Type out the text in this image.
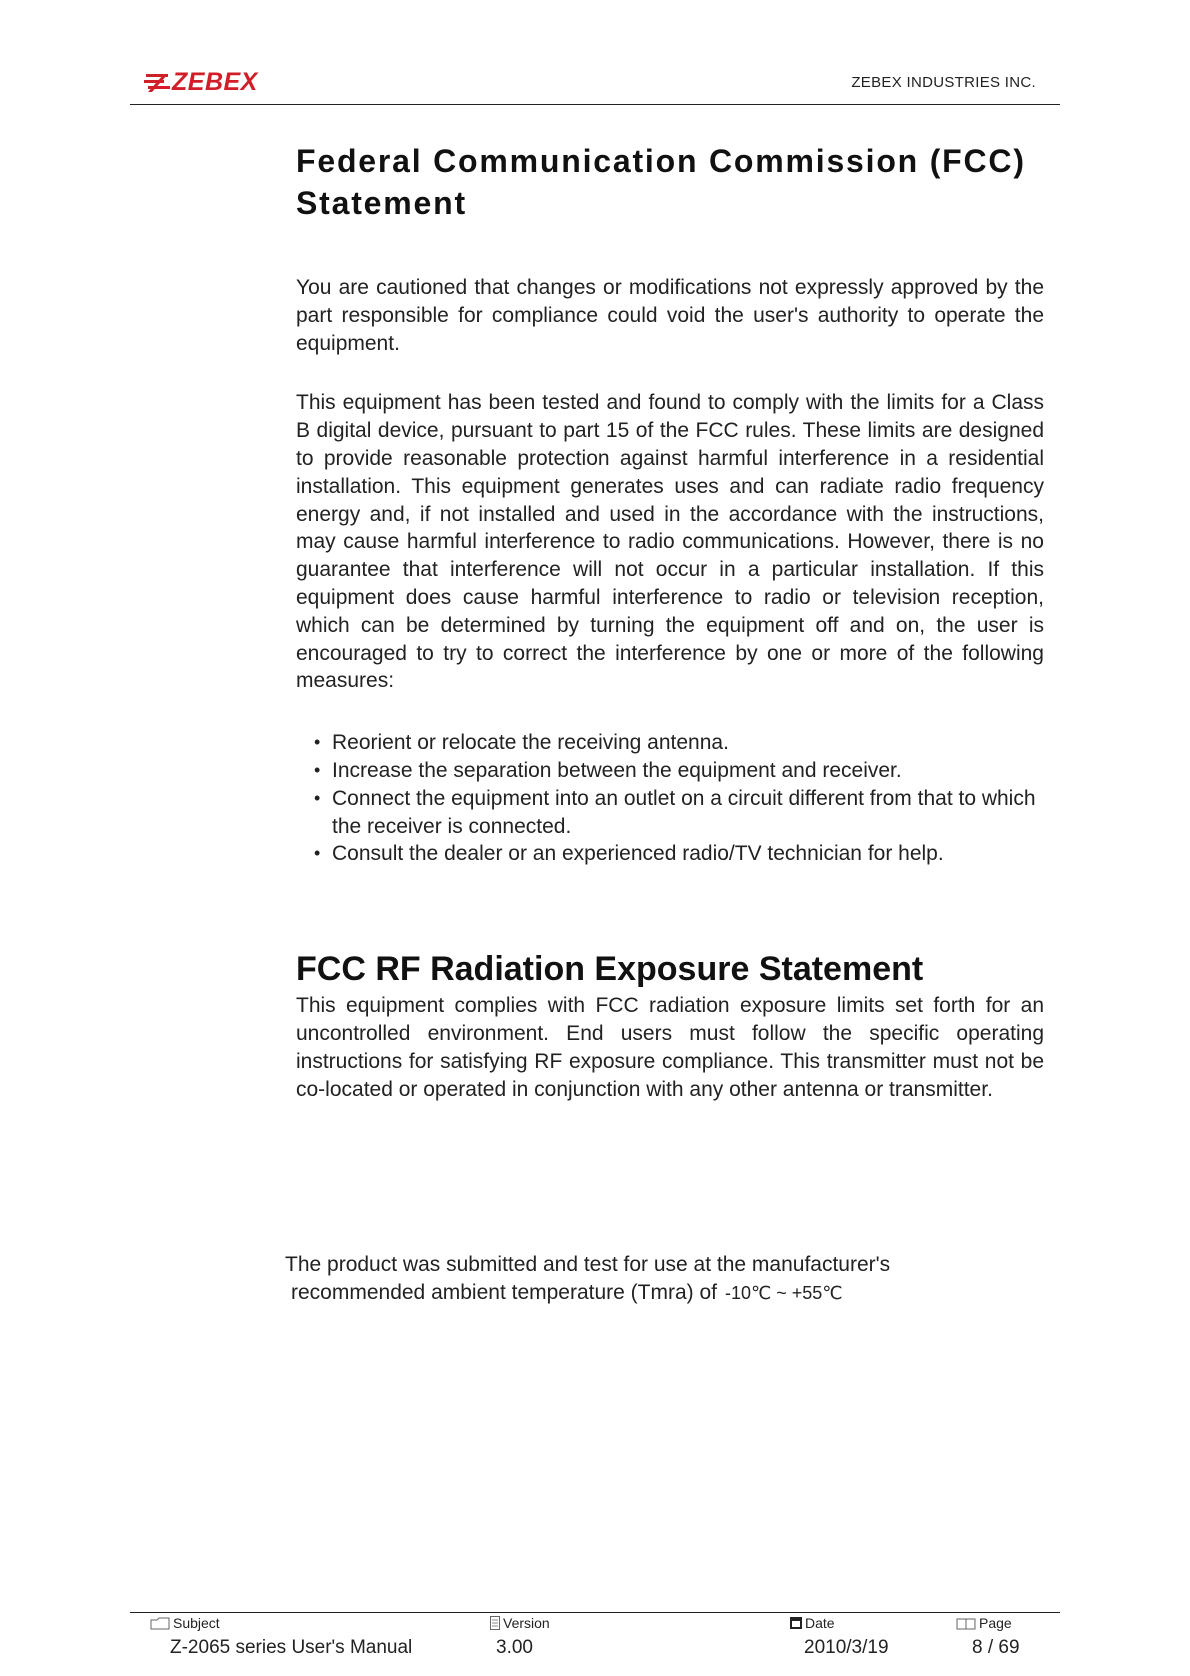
ZEBEX	ZEBEX INDUSTRIES INC.
Federal Communication Commission (FCC) Statement

You are cautioned that changes or modifications not expressly approved by the part responsible for compliance could void the user's authority to operate the equipment.

This equipment has been tested and found to comply with the limits for a Class B digital device, pursuant to part 15 of the FCC rules. These limits are designed to provide reasonable protection against harmful interference in a residential installation. This equipment generates uses and can radiate radio frequency energy and, if not installed and used in the accordance with the instructions, may cause harmful interference to radio communications. However, there is no guarantee that interference will not occur in a particular installation. If this equipment does cause harmful interference to radio or television reception, which can be determined by turning the equipment off and on, the user is encouraged to try to correct the interference by one or more of the following measures:

• Reorient or relocate the receiving antenna.
• Increase the separation between the equipment and receiver.
• Connect the equipment into an outlet on a circuit different from that to which the receiver is connected.
• Consult the dealer or an experienced radio/TV technician for help.
FCC RF Radiation Exposure Statement

This equipment complies with FCC radiation exposure limits set forth for an uncontrolled environment. End users must follow the specific operating instructions for satisfying RF exposure compliance. This transmitter must not be co-located or operated in conjunction with any other antenna or transmitter.

The product was submitted and test for use at the manufacturer's
recommended ambient temperature (Tmra) of -10℃ ~ +55℃
Subject
Z-2065 series User's Manual
Version
3.00
Date
2010/3/19
Page
8 / 69
